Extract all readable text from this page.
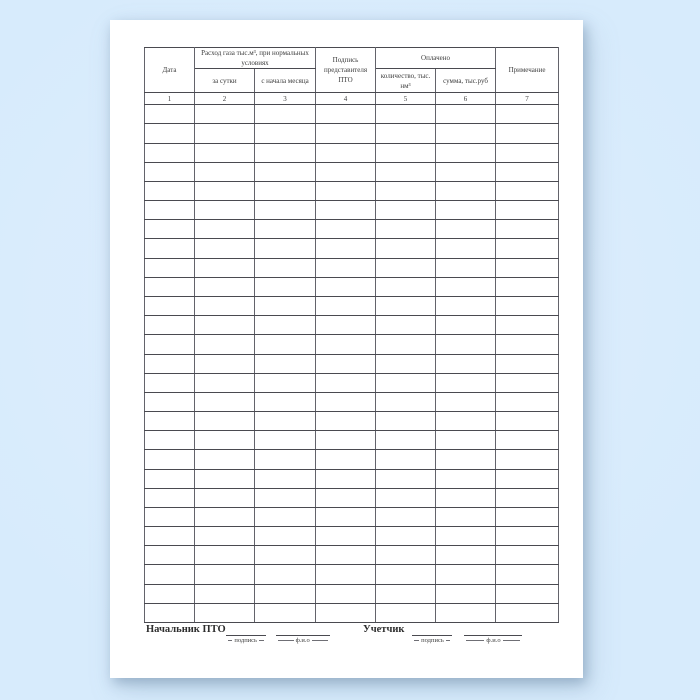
Дата	Расход газа тыс.м³, при нормальных условиях		Подпись представителя ПТО	Оплачено		Примечание
	за сутки	с начала месяца		количество, тыс. нм³	сумма, тыс.руб	
1	2	3	4	5	6	7

Начальник ПТО
подпись	ф.и.о
Учетчик
подпись	ф.и.о
